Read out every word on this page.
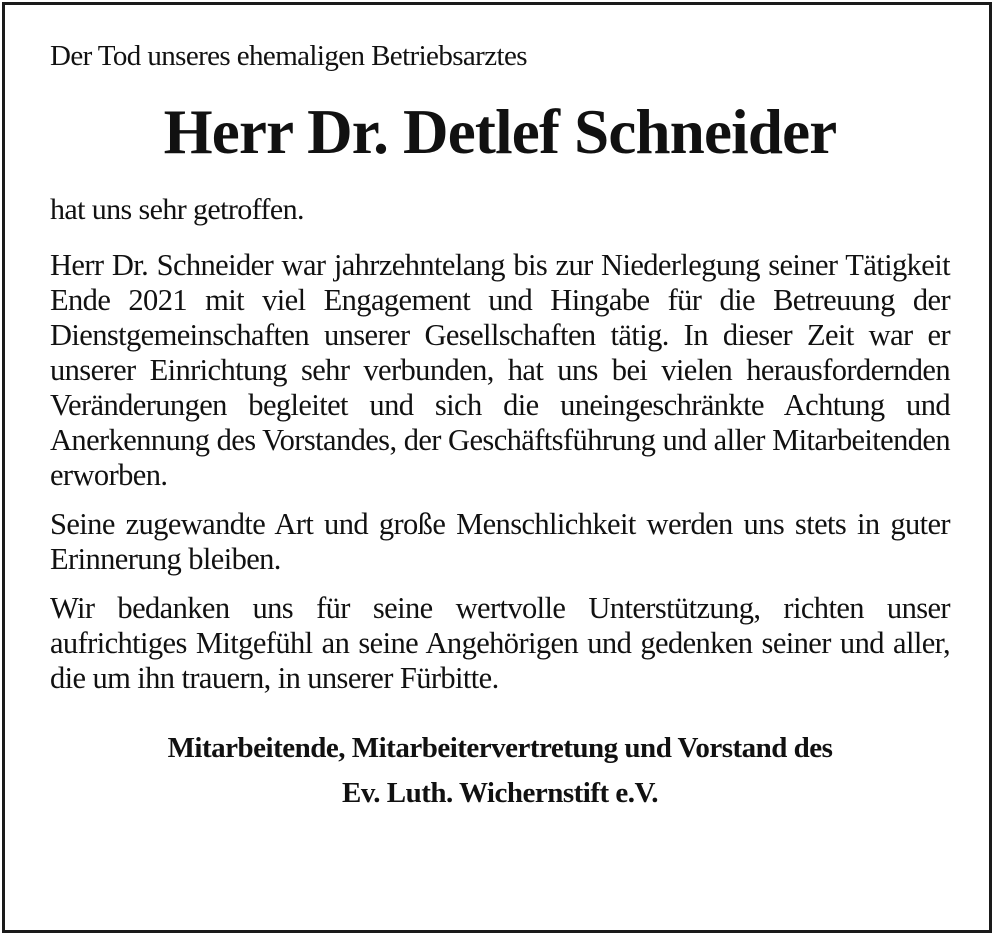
Der Tod unseres ehemaligen Betriebsarztes

Herr Dr. Detlef Schneider

hat uns sehr getroffen.

Herr Dr. Schneider war jahrzehntelang bis zur Niederlegung seiner Tätigkeit Ende 2021 mit viel Engagement und Hingabe für die Betreuung der Dienstgemeinschaften unserer Gesellschaften tätig. In dieser Zeit war er unserer Einrichtung sehr verbunden, hat uns bei vielen herausfordernden Veränderungen begleitet und sich die uneingeschränkte Achtung und Anerkennung des Vorstandes, der Geschäftsführung und aller Mitarbeitenden erworben.

Seine zugewandte Art und große Menschlichkeit werden uns stets in guter Erinnerung bleiben.

Wir bedanken uns für seine wertvolle Unterstützung, richten unser aufrichtiges Mitgefühl an seine Angehörigen und gedenken seiner und aller, die um ihn trauern, in unserer Fürbitte.

Mitarbeitende, Mitarbeitervertretung und Vorstand des
Ev. Luth. Wichernstift e.V.
